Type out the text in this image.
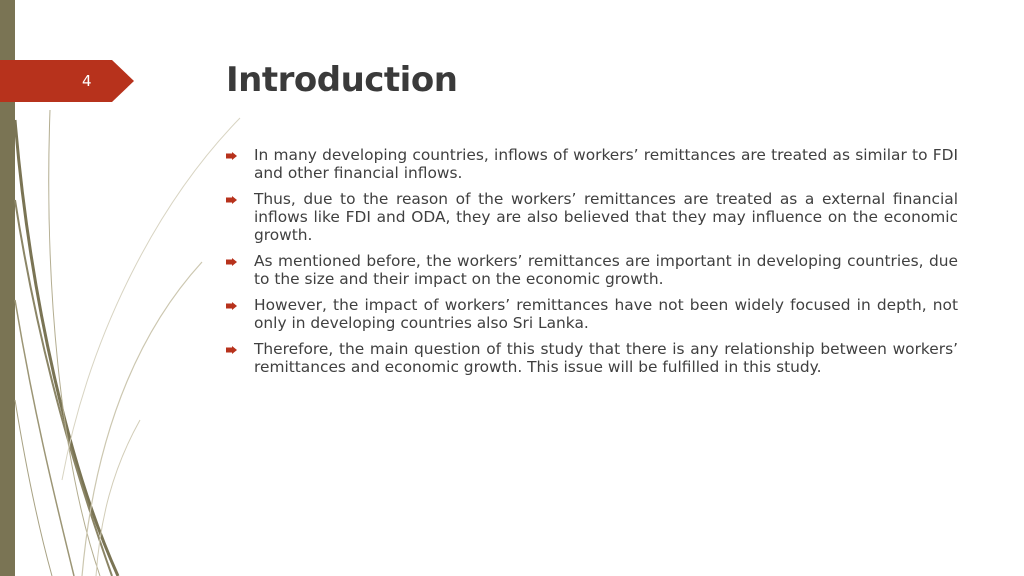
4	Introduction
In many developing countries, inflows of workers’ remittances are treated as similar to FDI and other financial inflows.
Thus, due to the reason of the workers’ remittances are treated as a external financial inflows like FDI and ODA, they are also believed that they may influence on the economic growth.
As mentioned before, the workers’ remittances are important in developing countries, due to the size and their impact on the economic growth.
However, the impact of workers’ remittances have not been widely focused in depth, not only in developing countries also Sri Lanka.
Therefore, the main question of this study that there is any relationship between workers’ remittances and economic growth. This issue will be fulfilled in this study.
